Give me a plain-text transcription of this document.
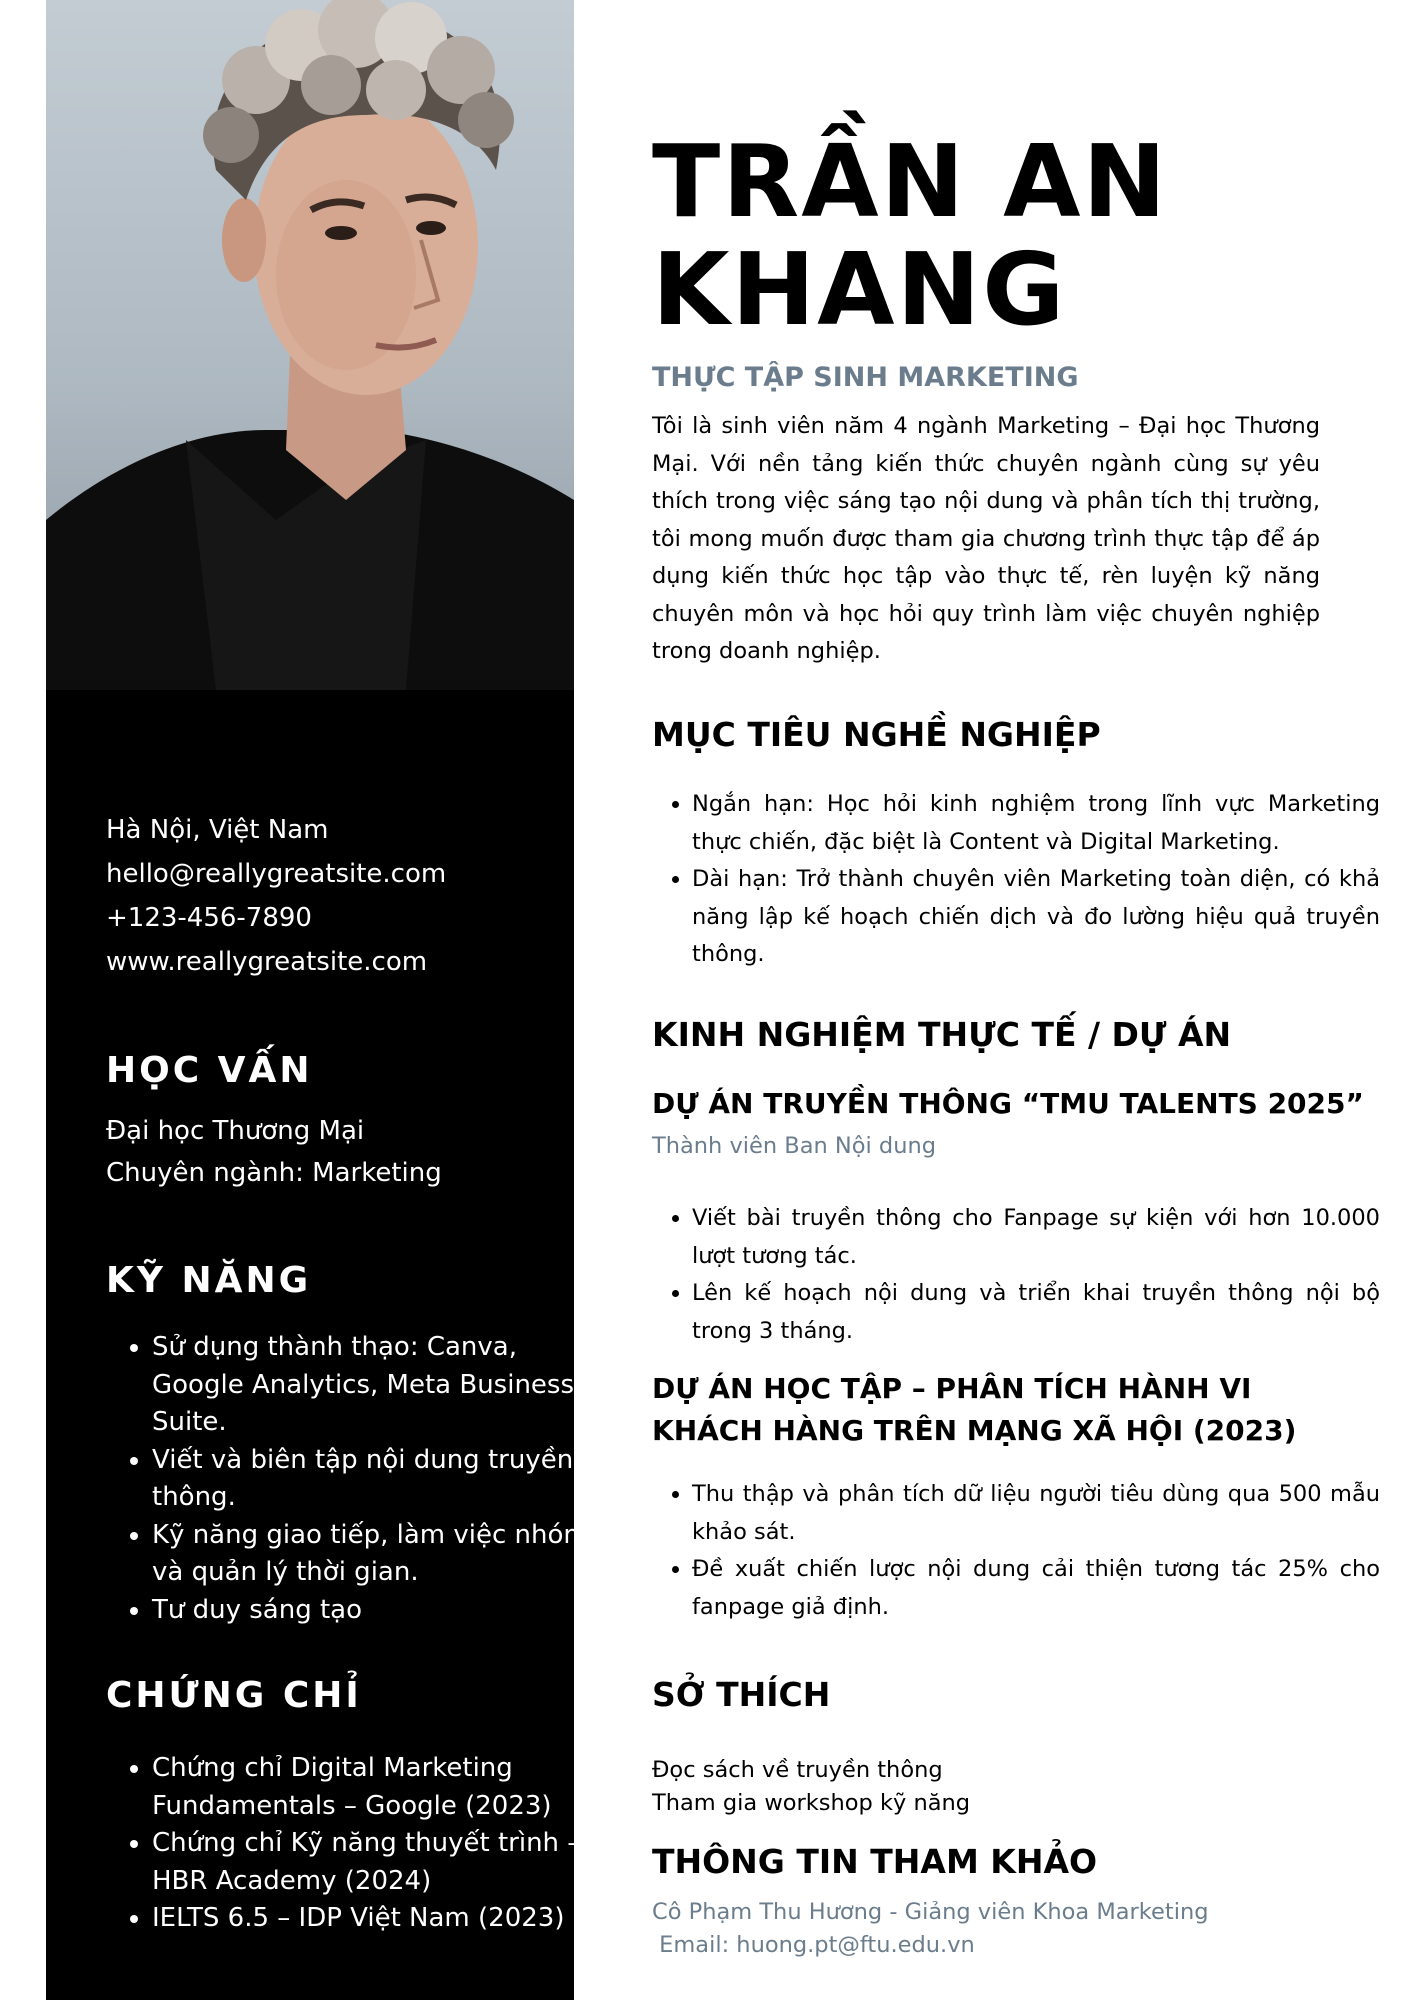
Hà Nội, Việt Nam
hello@reallygreatsite.com
+123-456-7890
www.reallygreatsite.com
HỌC VẤN
Đại học Thương Mại
Chuyên ngành: Marketing
KỸ NĂNG
• Sử dụng thành thạo: Canva, Google Analytics, Meta Business Suite.
• Viết và biên tập nội dung truyền thông.
• Kỹ năng giao tiếp, làm việc nhóm và quản lý thời gian.
• Tư duy sáng tạo
CHỨNG CHỈ
• Chứng chỉ Digital Marketing Fundamentals – Google (2023)
• Chứng chỉ Kỹ năng thuyết trình – HBR Academy (2024)
• IELTS 6.5 – IDP Việt Nam (2023)
TRẦN AN
KHANG
THỰC TẬP SINH MARKETING

Tôi là sinh viên năm 4 ngành Marketing – Đại học Thương Mại. Với nền tảng kiến thức chuyên ngành cùng sự yêu thích trong việc sáng tạo nội dung và phân tích thị trường, tôi mong muốn được tham gia chương trình thực tập để áp dụng kiến thức học tập vào thực tế, rèn luyện kỹ năng chuyên môn và học hỏi quy trình làm việc chuyên nghiệp trong doanh nghiệp.

MỤC TIÊU NGHỀ NGHIỆP
• Ngắn hạn: Học hỏi kinh nghiệm trong lĩnh vực Marketing thực chiến, đặc biệt là Content và Digital Marketing.
• Dài hạn: Trở thành chuyên viên Marketing toàn diện, có khả năng lập kế hoạch chiến dịch và đo lường hiệu quả truyền thông.
KINH NGHIỆM THỰC TẾ / DỰ ÁN
DỰ ÁN TRUYỀN THÔNG “TMU TALENTS 2025”
Thành viên Ban Nội dung
• Viết bài truyền thông cho Fanpage sự kiện với hơn 10.000 lượt tương tác.
• Lên kế hoạch nội dung và triển khai truyền thông nội bộ trong 3 tháng.
DỰ ÁN HỌC TẬP – PHÂN TÍCH HÀNH VI KHÁCH HÀNG TRÊN MẠNG XÃ HỘI (2023)
• Thu thập và phân tích dữ liệu người tiêu dùng qua 500 mẫu khảo sát.
• Đề xuất chiến lược nội dung cải thiện tương tác 25% cho fanpage giả định.
SỞ THÍCH
Đọc sách về truyền thông
Tham gia workshop kỹ năng
THÔNG TIN THAM KHẢO
Cô Phạm Thu Hương - Giảng viên Khoa Marketing
Email: huong.pt@ftu.edu.vn
